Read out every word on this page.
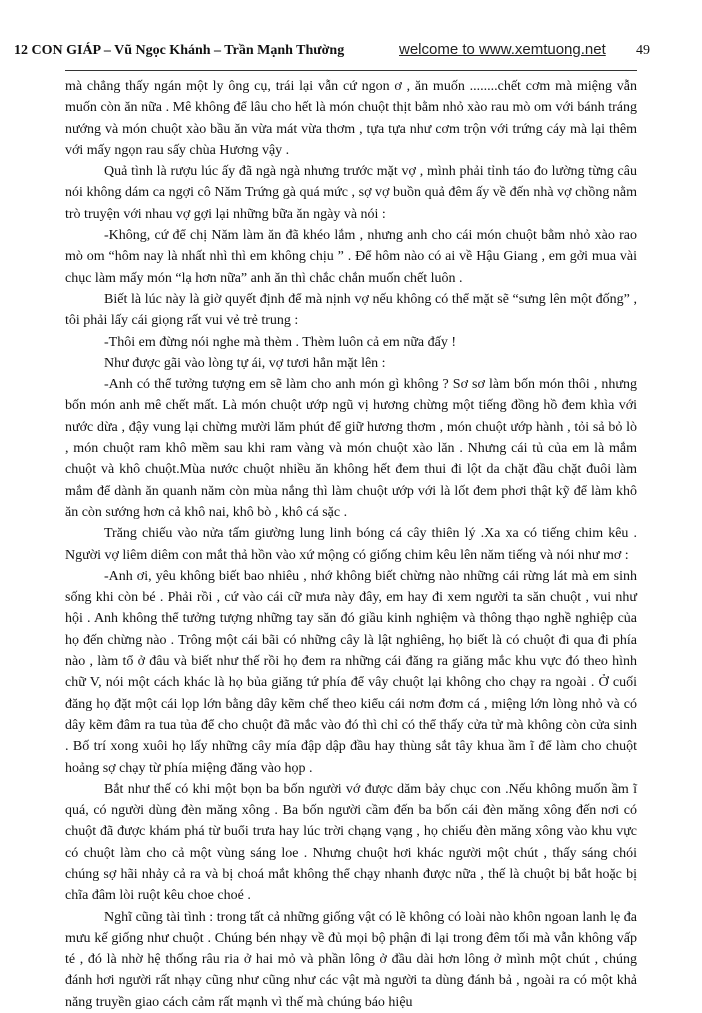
12 CON GIÁP – Vũ Ngọc Khánh – Trần Mạnh Thường	welcome to www.xemtuong.net 49

mà chẳng thấy ngán một ly ông cụ, trái lại vẫn cứ ngon ơ , ăn muốn ........chết cơm mà miệng vẫn muốn còn ăn nữa . Mê không để lâu cho hết là món chuột thịt bằm nhỏ xào rau mò om với bánh tráng nướng và món chuột xào bầu ăn vừa mát vừa thơm , tựa tựa như cơm trộn với trứng cáy mà lại thêm với mấy ngọn rau sấy chùa Hương vậy .

Quả tình là rượu lúc ấy đã ngà ngà nhưng trước mặt vợ , mình phải tỉnh táo đo lường từng câu nói không dám ca ngợi cô Năm Trứng gà quá mức , sợ vợ buồn quả đêm ấy về đến nhà vợ chồng nằm trò truyện với nhau vợ gợi lại những bữa ăn ngày và nói :

-Không, cứ để chị Năm làm ăn đã khéo lắm , nhưng anh cho cái món chuột bằm nhỏ xào rao mò om “hôm nay là nhất nhì thì em không chịu ” . Để hôm nào có ai về Hậu Giang , em gởi mua vài chục làm mấy món “lạ hơn nữa” anh ăn thì chắc chắn muốn chết luôn .

Biết là lúc này là giờ quyết định để mà nịnh vợ nếu không có thể mặt sẽ “sưng lên một đống” , tôi phải lấy cái giọng rất vui vẻ trẻ trung :

-Thôi em đừng nói nghe mà thèm . Thèm luôn cả em nữa đấy !

Như được gãi vào lòng tự ái, vợ tươi hẳn mặt lên :

-Anh có thể tưởng tượng em sẽ làm cho anh món gì không ? Sơ sơ làm bốn món thôi , nhưng bốn món anh mê chết mất. Là món chuột ướp ngũ vị hương chừng một tiếng đồng hồ đem khìa với nước dừa , đậy vung lại chừng mười lăm phút để giữ hương thơm , món chuột ướp hành , tỏi sả bỏ lò , món chuột ram khô mềm sau khi ram vàng và món chuột xào lăn . Nhưng cái tủ của em là mắm chuột và khô chuột.Mùa nước chuột nhiều ăn không hết đem thui đi lột da chặt đầu chặt đuôi làm mắm để dành ăn quanh năm còn mùa nắng thì làm chuột ướp với là lốt đem phơi thật kỹ để làm khô ăn còn sướng hơn cả khô nai, khô bò , khô cá sặc .

Trăng chiếu vào nửa tấm giường lung linh bóng cá cây thiên lý .Xa xa có tiếng chim kêu . Người vợ liêm diêm con mắt thả hồn vào xứ mộng có giống chim kêu lên năm tiếng và nói như mơ :

-Anh ơi, yêu không biết bao nhiêu , nhớ không biết chừng nào những cái rừng lát mà em sinh sống khi còn bé . Phải rồi , cứ vào cái cữ mưa này đây, em hay đi xem người ta săn chuột , vui như hội . Anh không thể tưởng tượng những tay săn đó giầu kinh nghiệm và thông thạo nghề nghiệp của họ đến chừng nào . Trông một cái bãi có những cây là lật nghiêng, họ biết là có chuột đi qua đi phía nào , làm tổ ở đâu và biết như thế rồi họ đem ra những cái đăng ra giăng mắc khu vực đó theo hình chữ V, nói một cách khác là họ bủa giăng tứ phía để vây chuột lại không cho chạy ra ngoài . Ở cuối đăng họ đặt một cái lọp lớn bằng dây kẽm chế theo kiểu cái nơm đơm cá , miệng lớn lòng nhỏ và có dây kẽm đâm ra tua tủa để cho chuột đã mắc vào đó thì chỉ có thể thấy cửa tử mà không còn cửa sinh . Bố trí xong xuôi họ lấy những cây mía đập dập đầu hay thùng sắt tây khua ầm ĩ để làm cho chuột hoảng sợ chạy từ phía miệng đăng vào họp .

Bắt như thế có khi một bọn ba bốn người vớ được dăm bảy chục con .Nếu không muốn ầm ĩ quá, có người dùng đèn măng xông . Ba bốn người cầm đến ba bốn cái đèn măng xông đến nơi có chuột đã được khám phá từ buổi trưa hay lúc trời chạng vạng , họ chiếu đèn măng xông vào khu vực có chuột làm cho cả một vùng sáng loe . Nhưng chuột hơi khác người một chút , thấy sáng chói chúng sợ hãi nhảy cả ra và bị choá mắt không thể chạy nhanh được nữa , thế là chuột bị bắt hoặc bị chĩa đâm lòi ruột kêu choe choé .

Nghĩ cũng tài tình : trong tất cả những giống vật có lẽ không có loài nào khôn ngoan lanh lẹ đa mưu kế giống như chuột . Chúng bén nhạy về đủ mọi bộ phận đi lại trong đêm tối mà vẫn không vấp té , đó là nhờ hệ thống râu ria ở hai mỏ và phần lông ở đầu dài hơn lông ở mình một chút , chúng đánh hơi người rất nhạy cũng như cũng như các vật mà người ta dùng đánh bả , ngoài ra có một khả năng truyền giao cách cảm rất mạnh vì thế mà chúng báo hiệu
